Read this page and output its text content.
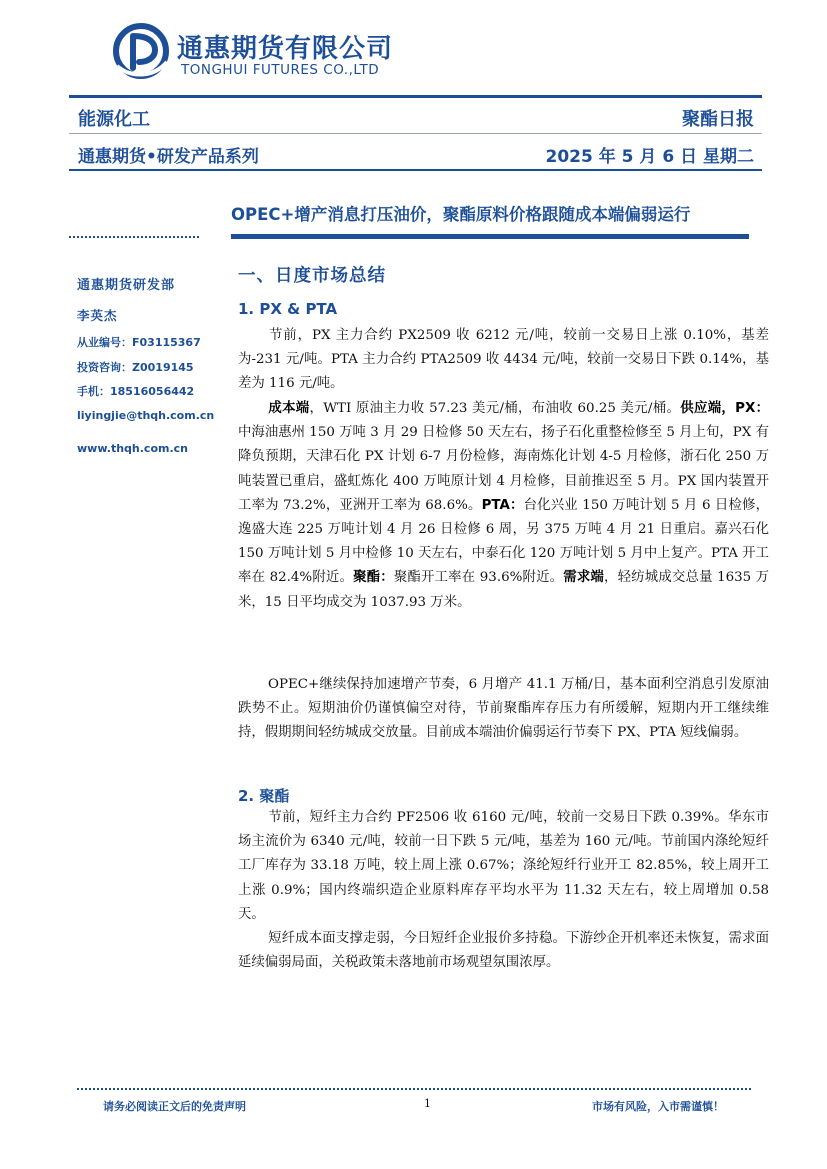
通惠期货有限公司
TONGHUI FUTURES CO.,LTD
能源化工	聚酯日报
通惠期货•研发产品系列	2025 年 5 月 6 日 星期二
OPEC+增产消息打压油价，聚酯原料价格跟随成本端偏弱运行
通惠期货研发部
李英杰
从业编号：F03115367
投资咨询：Z0019145
手机：18516056442
liyingjie@thqh.com.cn
www.thqh.com.cn
一、日度市场总结
1. PX & PTA
节前，PX 主力合约 PX2509 收 6212 元/吨，较前一交易日上涨 0.10%，基差为-231 元/吨。PTA 主力合约 PTA2509 收 4434 元/吨，较前一交易日下跌 0.14%，基差为 116 元/吨。
成本端，WTI 原油主力收 57.23 美元/桶，布油收 60.25 美元/桶。供应端，PX：中海油惠州 150 万吨 3 月 29 日检修 50 天左右，扬子石化重整检修至 5 月上旬，PX 有降负预期，天津石化 PX 计划 6-7 月份检修，海南炼化计划 4-5 月检修，浙石化 250 万吨装置已重启，盛虹炼化 400 万吨原计划 4 月检修，目前推迟至 5 月。PX 国内装置开工率为 73.2%，亚洲开工率为 68.6%。PTA：台化兴业 150 万吨计划 5 月 6 日检修，逸盛大连 225 万吨计划 4 月 26 日检修 6 周，另 375 万吨 4 月 21 日重启。嘉兴石化 150 万吨计划 5 月中检修 10 天左右，中泰石化 120 万吨计划 5 月中上复产。PTA 开工率在 82.4%附近。聚酯：聚酯开工率在 93.6%附近。需求端，轻纺城成交总量 1635 万米，15 日平均成交为 1037.93 万米。
OPEC+继续保持加速增产节奏，6 月增产 41.1 万桶/日，基本面利空消息引发原油跌势不止。短期油价仍谨慎偏空对待，节前聚酯库存压力有所缓解，短期内开工继续维持，假期期间轻纺城成交放量。目前成本端油价偏弱运行节奏下 PX、PTA 短线偏弱。
2. 聚酯
节前，短纤主力合约 PF2506 收 6160 元/吨，较前一交易日下跌 0.39%。华东市场主流价为 6340 元/吨，较前一日下跌 5 元/吨，基差为 160 元/吨。节前国内涤纶短纤工厂库存为 33.18 万吨，较上周上涨 0.67%；涤纶短纤行业开工 82.85%，较上周开工上涨 0.9%；国内终端织造企业原料库存平均水平为 11.32 天左右，较上周增加 0.58 天。
短纤成本面支撑走弱，今日短纤企业报价多持稳。下游纱企开机率还未恢复，需求面延续偏弱局面，关税政策未落地前市场观望氛围浓厚。
请务必阅读正文后的免责声明	1	市场有风险，入市需谨慎！
